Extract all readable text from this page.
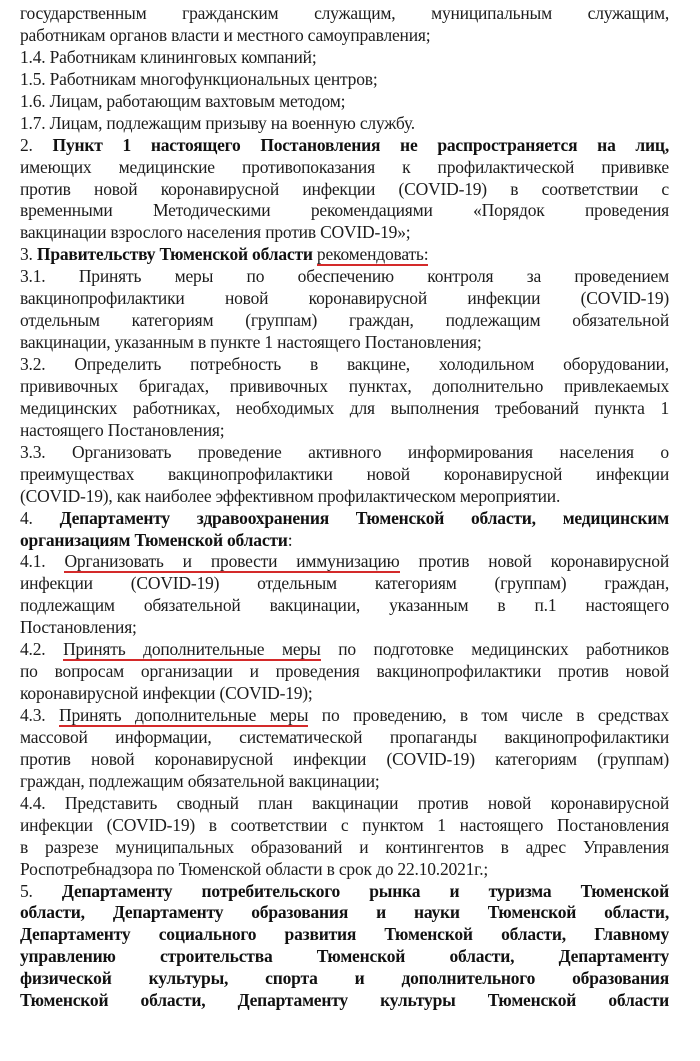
государственным гражданским служащим, муниципальным служащим,
работникам органов власти и местного самоуправления;
1.4. Работникам клининговых компаний;
1.5. Работникам многофункциональных центров;
1.6. Лицам, работающим вахтовым методом;
1.7. Лицам, подлежащим призыву на военную службу.
2. Пункт 1 настоящего Постановления не распространяется на лиц,
имеющих медицинские противопоказания к профилактической прививке
против новой коронавирусной инфекции (COVID-19) в соответствии с
временными Методическими рекомендациями «Порядок проведения
вакцинации взрослого населения против COVID-19»;
3. Правительству Тюменской области рекомендовать:
3.1. Принять меры по обеспечению контроля за проведением
вакцинопрофилактики новой коронавирусной инфекции (COVID-19)
отдельным категориям (группам) граждан, подлежащим обязательной
вакцинации, указанным в пункте 1 настоящего Постановления;
3.2. Определить потребность в вакцине, холодильном оборудовании,
прививочных бригадах, прививочных пунктах, дополнительно привлекаемых
медицинских работниках, необходимых для выполнения требований пункта 1
настоящего Постановления;
3.3. Организовать проведение активного информирования населения о
преимуществах вакцинопрофилактики новой коронавирусной инфекции
(COVID-19), как наиболее эффективном профилактическом мероприятии.
4. Департаменту здравоохранения Тюменской области, медицинским
организациям Тюменской области:
4.1. Организовать и провести иммунизацию против новой коронавирусной
инфекции (COVID-19) отдельным категориям (группам) граждан,
подлежащим обязательной вакцинации, указанным в п.1 настоящего
Постановления;
4.2. Принять дополнительные меры по подготовке медицинских работников
по вопросам организации и проведения вакцинопрофилактики против новой
коронавирусной инфекции (COVID-19);
4.3. Принять дополнительные меры по проведению, в том числе в средствах
массовой информации, систематической пропаганды вакцинопрофилактики
против новой коронавирусной инфекции (COVID-19) категориям (группам)
граждан, подлежащим обязательной вакцинации;
4.4. Представить сводный план вакцинации против новой коронавирусной
инфекции (COVID-19) в соответствии с пунктом 1 настоящего Постановления
в разрезе муниципальных образований и контингентов в адрес Управления
Роспотребнадзора по Тюменской области в срок до 22.10.2021г.;
5. Департаменту потребительского рынка и туризма Тюменской
области, Департаменту образования и науки Тюменской области,
Департаменту социального развития Тюменской области, Главному
управлению строительства Тюменской области, Департаменту
физической культуры, спорта и дополнительного образования
Тюменской области, Департаменту культуры Тюменской области
